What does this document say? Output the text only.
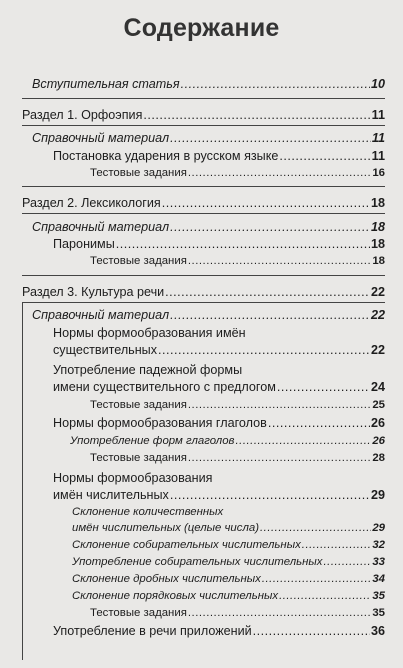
Содержание
Вступительная статья .....	10
Раздел 1. Орфоэпия .....	11
Справочный материал .....	11
Постановка ударения в русском языке .....	11
Тестовые задания .....	16
Раздел 2. Лексикология .....	18
Справочный материал .....	18
Паронимы .....	18
Тестовые задания .....	18
Раздел 3. Культура речи .....	22
Справочный материал .....	22
Нормы формообразования имён
существительных .....	22
Употребление падежной формы
имени существительного с предлогом .....	24
Тестовые задания .....	25
Нормы формообразования глаголов .....	26
Употребление форм глаголов .....	26
Тестовые задания .....	28
Нормы формообразования
имён числительных .....	29
Склонение количественных
имён числительных (целые числа) .....	29
Склонение собирательных числительных .....	32
Употребление собирательных числительных .....	33
Склонение дробных числительных .....	34
Склонение порядковых числительных .....	35
Тестовые задания .....	35
Употребление в речи приложений .....	36
